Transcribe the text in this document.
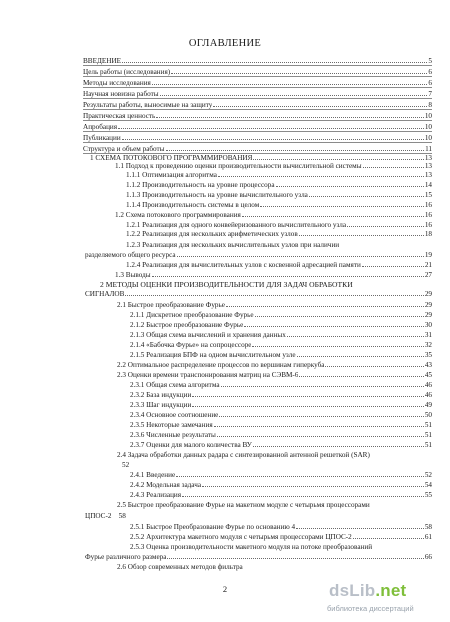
ОГЛАВЛЕНИЕ
ВВЕДЕНИЕ	5
Цель работы (исследования)	6
Методы исследования	6
Научная новизна работы	7
Результаты работы, выносимые на защиту	8
Практическая ценность	10
Апробация	10
Публикации	10
Структура и объем работы	11
1 СХЕМА ПОТОКОВОГО ПРОГРАММИРОВАНИЯ	13
1.1 Подход к проведению оценки производительности вычислительной системы	13
1.1.1 Оптимизация алгоритма	13
1.1.2 Производительность на уровне процессора	14
1.1.3 Производительность на уровне вычислительного узла	15
1.1.4 Производительность системы в целом	16
1.2 Схема потокового программирования	16
1.2.1 Реализация для одного конвейеризованного вычислительного узла	16
1.2.2 Реализация для нескольких арифметических узлов	18
1.2.3 Реализация для нескольких вычислительных узлов при наличии
разделяемого общего ресурса	19
1.2.4 Реализация для вычислительных узлов с косвенной адресацией памяти	21
1.3 Выводы	27
2 МЕТОДЫ ОЦЕНКИ ПРОИЗВОДИТЕЛЬНОСТИ ДЛЯ ЗАДАЧ ОБРАБОТКИ
СИГНАЛОВ	29
2.1 Быстрое преобразование Фурье	29
2.1.1 Дискретное преобразование Фурье	29
2.1.2 Быстрое преобразование Фурье	30
2.1.3 Общая схема вычислений и хранения данных	31
2.1.4 «Бабочка Фурье» на сопроцессоре	32
2.1.5 Реализация БПФ на одном вычислительном узле	35
2.2 Оптимальное распределение процессов по вершинам гиперкуба	43
2.3 Оценки времени транспонирования матриц на СЭВМ-6	45
2.3.1 Общая схема алгоритма	46
2.3.2 База индукции	46
2.3.3 Шаг индукции	49
2.3.4 Основное соотношение	50
2.3.5 Некоторые замечания	51
2.3.6 Численные результаты	51
2.3.7 Оценки для малого количества ВУ	51
2.4 Задача обработки данных радара с синтезированной антенной решеткой (SAR)
52
2.4.1 Введение	52
2.4.2 Модельная задача	54
2.4.3 Реализация	55
2.5 Быстрое преобразование Фурье на макетном модуле с четырьмя процессорами
ЦПОС-2    58
2.5.1 Быстрое Преобразование Фурье по основанию 4	58
2.5.2 Архитектура макетного модуля с четырьмя процессорами ЦПОС-2	61
2.5.3 Оценка производительности макетного модуля на потоке преобразований
Фурье различного размера	66
2.6 Обзор современных методов фильтра
2	dsLib.net
библиотека диссертаций
